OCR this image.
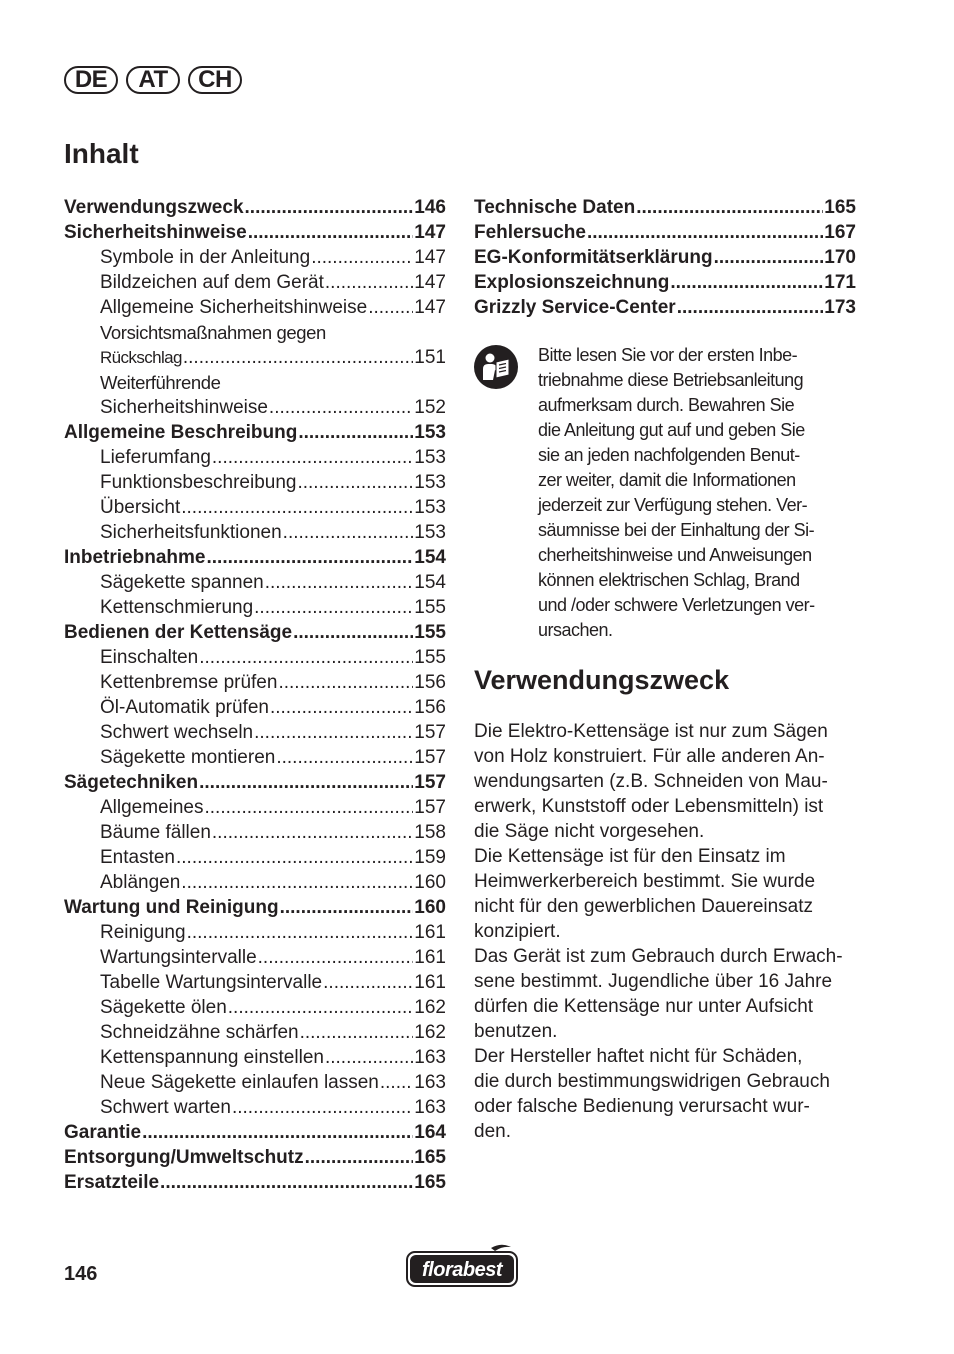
DE	AT	CH
Inhalt
Verwendungszweck .....	146
Sicherheitshinweise .....	147
Symbole in der Anleitung .....	147
Bildzeichen auf dem Gerät .....	147
Allgemeine Sicherheitshinweise ..... 147
Vorsichtsmaßnahmen gegen
Rückschlag .....	151
Weiterführende
Sicherheitshinweise .....	152
Allgemeine Beschreibung .....	153
Lieferumfang .....	153
Funktionsbeschreibung .....	153
Übersicht .....	153
Sicherheitsfunktionen .....	153
Inbetriebnahme .....	154
Sägekette spannen .....	154
Kettenschmierung .....	155
Bedienen der Kettensäge .....	155
Einschalten .....	155
Kettenbremse prüfen .....	156
Öl-Automatik prüfen .....	156
Schwert wechseln .....	157
Sägekette montieren .....	157
Sägetechniken .....	157
Allgemeines .....	157
Bäume fällen .....	158
Entasten .....	159
Ablängen .....	160
Wartung und Reinigung .....	160
Reinigung .....	161
Wartungsintervalle .....	161
Tabelle Wartungsintervalle .....	161
Sägekette ölen .....	162
Schneidzähne schärfen .....	162
Kettenspannung einstellen .....	163
Neue Sägekette einlaufen lassen ..... 163
Schwert warten .....	163
Garantie .....	164
Entsorgung/Umweltschutz .....	165
Ersatzteile .....	165
Technische Daten .....	165
Fehlersuche .....	167
EG-Konformitätserklärung .....	170
Explosionszeichnung .....	171
Grizzly Service-Center .....	173
Bitte lesen Sie vor der ersten Inbe-
triebnahme diese Betriebsanleitung
aufmerksam durch. Bewahren Sie
die Anleitung gut auf und geben Sie
sie an jeden nachfolgenden Benut-
zer weiter, damit die Informationen
jederzeit zur Verfügung stehen. Ver-
säumnisse bei der Einhaltung der Si-
cherheitshinweise und Anweisungen
können elektrischen Schlag, Brand
und /oder schwere Verletzungen ver-
ursachen.
Verwendungszweck
Die Elektro-Kettensäge ist nur zum Sägen
von Holz konstruiert. Für alle anderen An-
wendungsarten (z.B. Schneiden von Mau-
erwerk, Kunststoff oder Lebensmitteln) ist
die Säge nicht vorgesehen.
Die Kettensäge ist für den Einsatz im
Heimwerkerbereich bestimmt. Sie wurde
nicht für den gewerblichen Dauereinsatz
konzipiert.
Das Gerät ist zum Gebrauch durch Erwach-
sene bestimmt. Jugendliche über 16 Jahre
dürfen die Kettensäge nur unter Aufsicht
benutzen.
Der Hersteller haftet nicht für Schäden,
die durch bestimmungswidrigen Gebrauch
oder falsche Bedienung verursacht wur-
den.
146	florabest
